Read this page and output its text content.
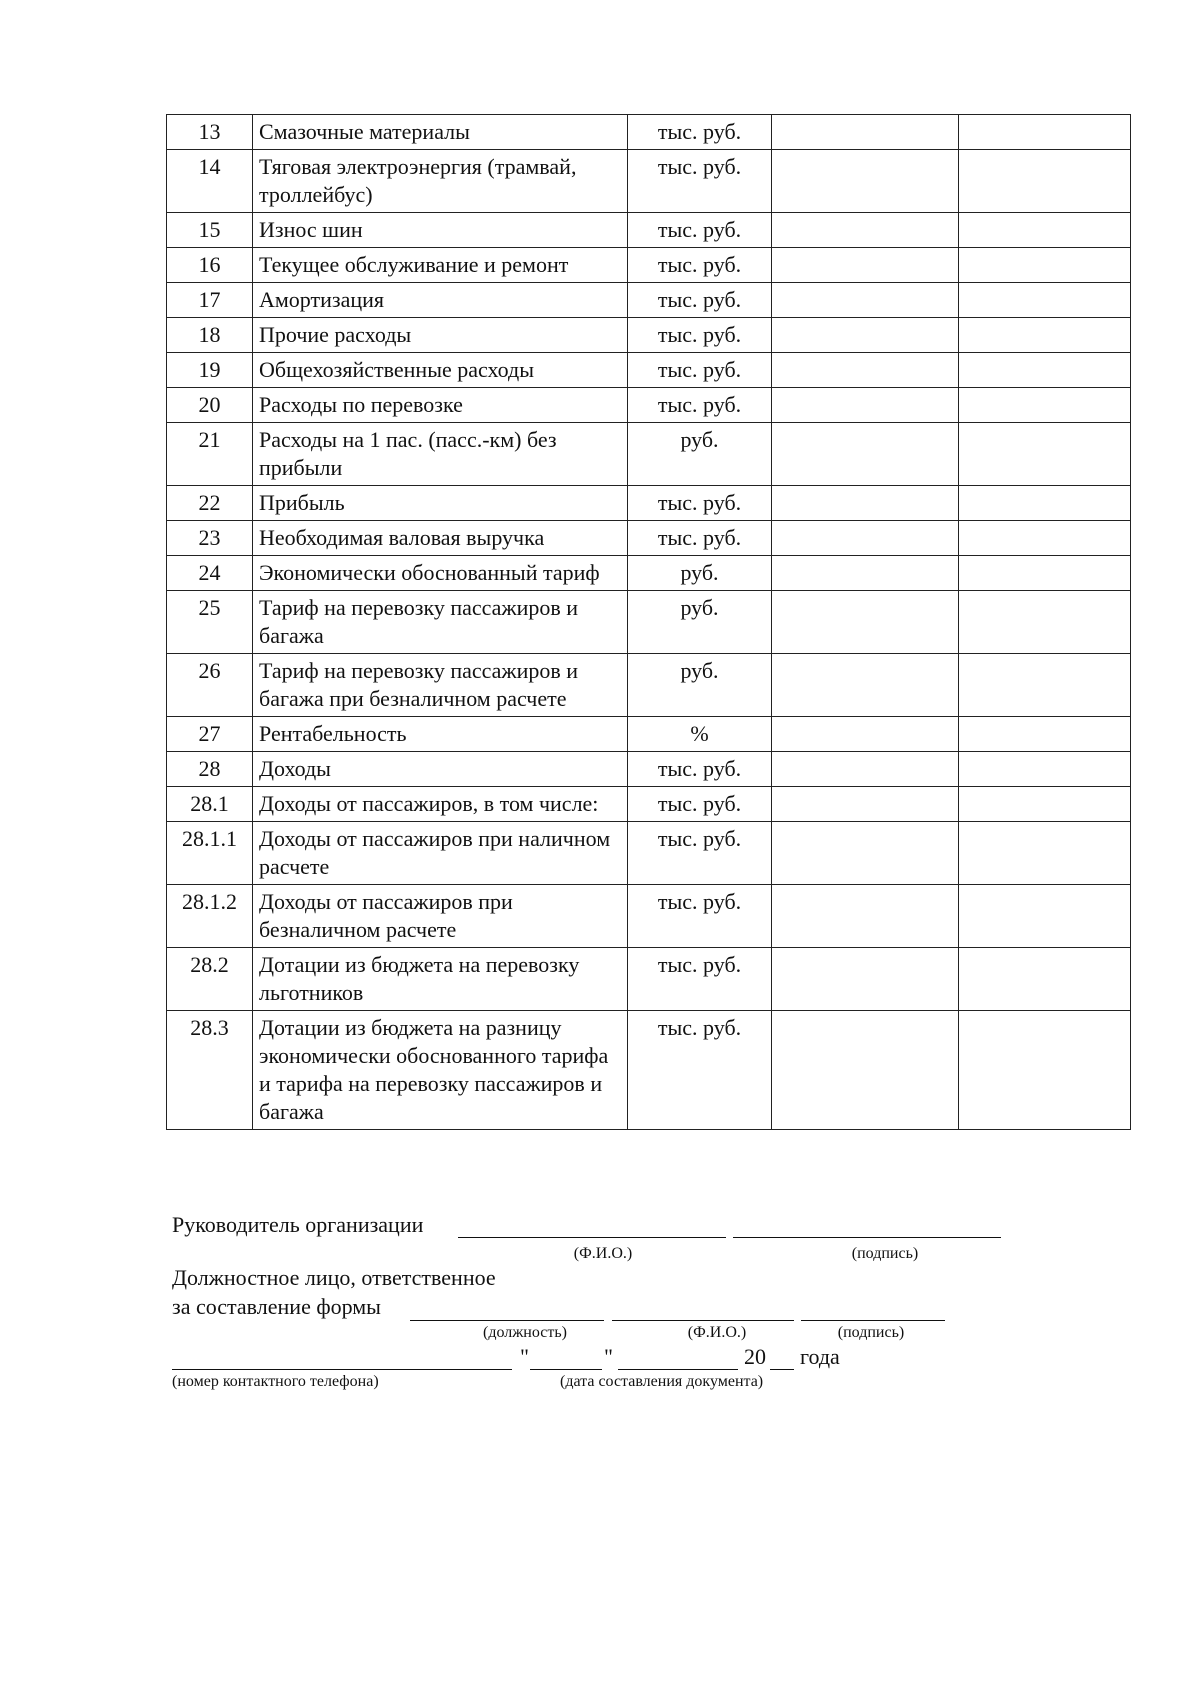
13	Смазочные материалы	тыс. руб.		
14	Тяговая электроэнергия (трамвай, троллейбус)	тыс. руб.		
15	Износ шин	тыс. руб.		
16	Текущее обслуживание и ремонт	тыс. руб.		
17	Амортизация	тыс. руб.		
18	Прочие расходы	тыс. руб.		
19	Общехозяйственные расходы	тыс. руб.		
20	Расходы по перевозке	тыс. руб.		
21	Расходы на 1 пас. (пасс.-км) без прибыли	руб.		
22	Прибыль	тыс. руб.		
23	Необходимая валовая выручка	тыс. руб.		
24	Экономически обоснованный тариф	руб.		
25	Тариф на перевозку пассажиров и багажа	руб.		
26	Тариф на перевозку пассажиров и багажа при безналичном расчете	руб.		
27	Рентабельность	%		
28	Доходы	тыс. руб.		
28.1	Доходы от пассажиров, в том числе:	тыс. руб.		
28.1.1	Доходы от пассажиров при наличном расчете	тыс. руб.		
28.1.2	Доходы от пассажиров при безналичном расчете	тыс. руб.		
28.2	Дотации из бюджета на перевозку льготников	тыс. руб.		
28.3	Дотации из бюджета на разницу экономически обоснованного тарифа и тарифа на перевозку пассажиров и багажа	тыс. руб.		
Руководитель организации
(Ф.И.О.)	(подпись)
Должностное лицо, ответственное
за составление формы
(должность)	(Ф.И.О.)	(подпись)
"	"	20 года
(номер контактного телефона)	(дата составления документа)
